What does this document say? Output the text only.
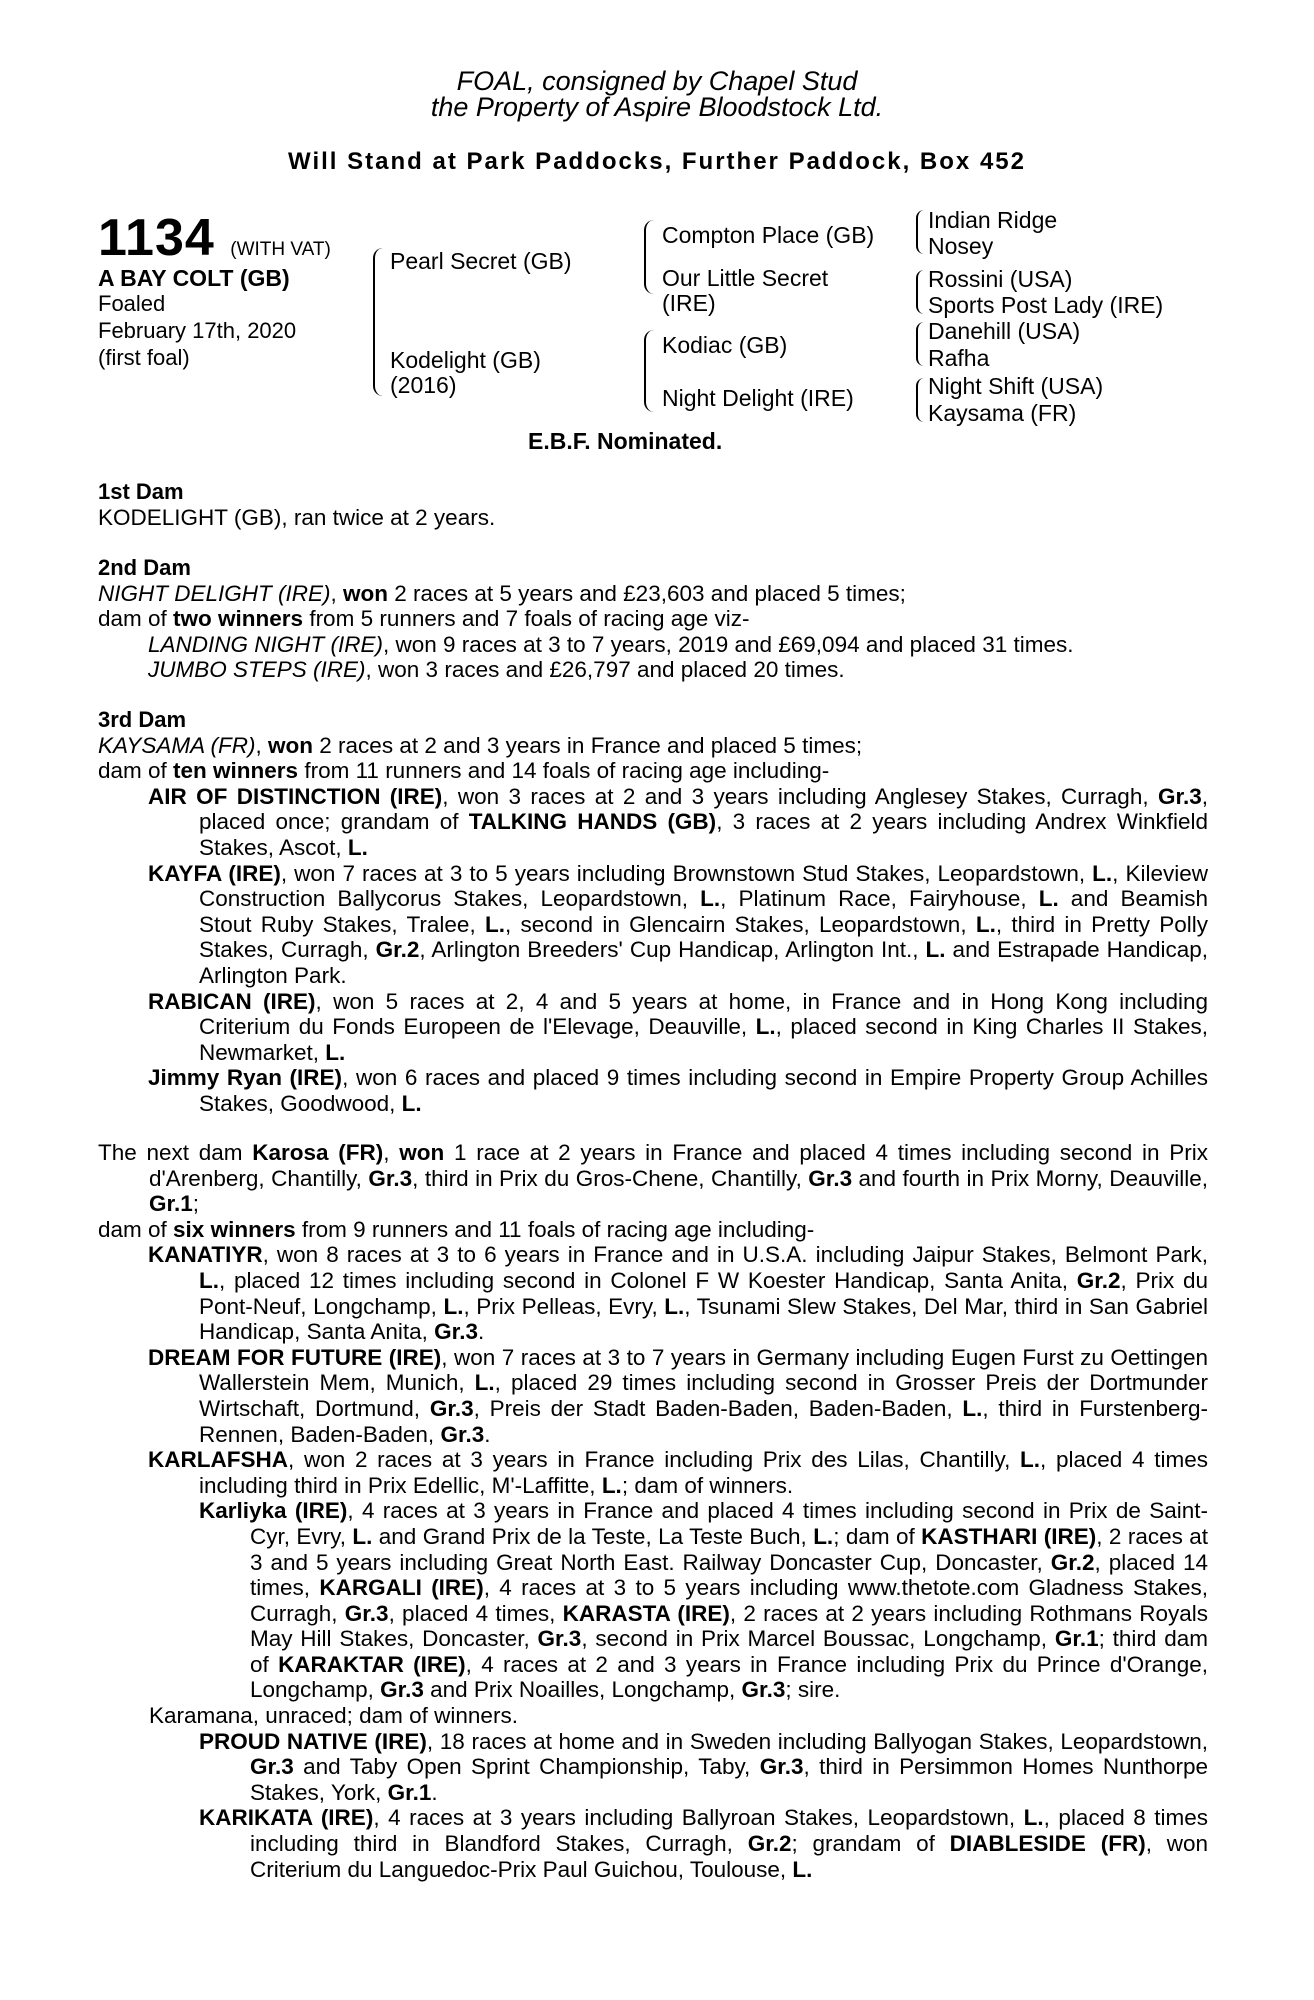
FOAL, consigned by Chapel Stud
the Property of Aspire Bloodstock Ltd.
Will Stand at Park Paddocks, Further Paddock, Box 452
1134 (WITH VAT)
A BAY COLT (GB)
Foaled
February 17th, 2020
(first foal)
Pearl Secret (GB)
Kodelight (GB)
(2016)
Compton Place (GB)
Our Little Secret
(IRE)
Kodiac (GB)
Night Delight (IRE)
Indian Ridge
Nosey
Rossini (USA)
Sports Post Lady (IRE)
Danehill (USA)
Rafha
Night Shift (USA)
Kaysama (FR)
E.B.F. Nominated.

1st Dam

KODELIGHT (GB), ran twice at 2 years.

2nd Dam

NIGHT DELIGHT (IRE), won 2 races at 5 years and £23,603 and placed 5 times;

dam of two winners from 5 runners and 7 foals of racing age viz-

LANDING NIGHT (IRE), won 9 races at 3 to 7 years, 2019 and £69,094 and placed 31 times.

JUMBO STEPS (IRE), won 3 races and £26,797 and placed 20 times.

3rd Dam

KAYSAMA (FR), won 2 races at 2 and 3 years in France and placed 5 times;

dam of ten winners from 11 runners and 14 foals of racing age including-

AIR OF DISTINCTION (IRE), won 3 races at 2 and 3 years including Anglesey Stakes, Curragh, Gr.3, placed once; grandam of TALKING HANDS (GB), 3 races at 2 years including Andrex Winkfield Stakes, Ascot, L.

KAYFA (IRE), won 7 races at 3 to 5 years including Brownstown Stud Stakes, Leopardstown, L., Kileview Construction Ballycorus Stakes, Leopardstown, L., Platinum Race, Fairyhouse, L. and Beamish Stout Ruby Stakes, Tralee, L., second in Glencairn Stakes, Leopardstown, L., third in Pretty Polly Stakes, Curragh, Gr.2, Arlington Breeders' Cup Handicap, Arlington Int., L. and Estrapade Handicap, Arlington Park.

RABICAN (IRE), won 5 races at 2, 4 and 5 years at home, in France and in Hong Kong including Criterium du Fonds Europeen de l'Elevage, Deauville, L., placed second in King Charles II Stakes, Newmarket, L.

Jimmy Ryan (IRE), won 6 races and placed 9 times including second in Empire Property Group Achilles Stakes, Goodwood, L.

The next dam Karosa (FR), won 1 race at 2 years in France and placed 4 times including second in Prix d'Arenberg, Chantilly, Gr.3, third in Prix du Gros-Chene, Chantilly, Gr.3 and fourth in Prix Morny, Deauville, Gr.1;

dam of six winners from 9 runners and 11 foals of racing age including-

KANATIYR, won 8 races at 3 to 6 years in France and in U.S.A. including Jaipur Stakes, Belmont Park, L., placed 12 times including second in Colonel F W Koester Handicap, Santa Anita, Gr.2, Prix du Pont-Neuf, Longchamp, L., Prix Pelleas, Evry, L., Tsunami Slew Stakes, Del Mar, third in San Gabriel Handicap, Santa Anita, Gr.3.

DREAM FOR FUTURE (IRE), won 7 races at 3 to 7 years in Germany including Eugen Furst zu Oettingen Wallerstein Mem, Munich, L., placed 29 times including second in Grosser Preis der Dortmunder Wirtschaft, Dortmund, Gr.3, Preis der Stadt Baden-Baden, Baden-Baden, L., third in Furstenberg-Rennen, Baden-Baden, Gr.3.

KARLAFSHA, won 2 races at 3 years in France including Prix des Lilas, Chantilly, L., placed 4 times including third in Prix Edellic, M'-Laffitte, L.; dam of winners.

Karliyka (IRE), 4 races at 3 years in France and placed 4 times including second in Prix de Saint-Cyr, Evry, L. and Grand Prix de la Teste, La Teste Buch, L.; dam of KASTHARI (IRE), 2 races at 3 and 5 years including Great North East. Railway Doncaster Cup, Doncaster, Gr.2, placed 14 times, KARGALI (IRE), 4 races at 3 to 5 years including www.thetote.com Gladness Stakes, Curragh, Gr.3, placed 4 times, KARASTA (IRE), 2 races at 2 years including Rothmans Royals May Hill Stakes, Doncaster, Gr.3, second in Prix Marcel Boussac, Longchamp, Gr.1; third dam of KARAKTAR (IRE), 4 races at 2 and 3 years in France including Prix du Prince d'Orange, Longchamp, Gr.3 and Prix Noailles, Longchamp, Gr.3; sire.

Karamana, unraced; dam of winners.

PROUD NATIVE (IRE), 18 races at home and in Sweden including Ballyogan Stakes, Leopardstown, Gr.3 and Taby Open Sprint Championship, Taby, Gr.3, third in Persimmon Homes Nunthorpe Stakes, York, Gr.1.

KARIKATA (IRE), 4 races at 3 years including Ballyroan Stakes, Leopardstown, L., placed 8 times including third in Blandford Stakes, Curragh, Gr.2; grandam of DIABLESIDE (FR), won Criterium du Languedoc-Prix Paul Guichou, Toulouse, L.
